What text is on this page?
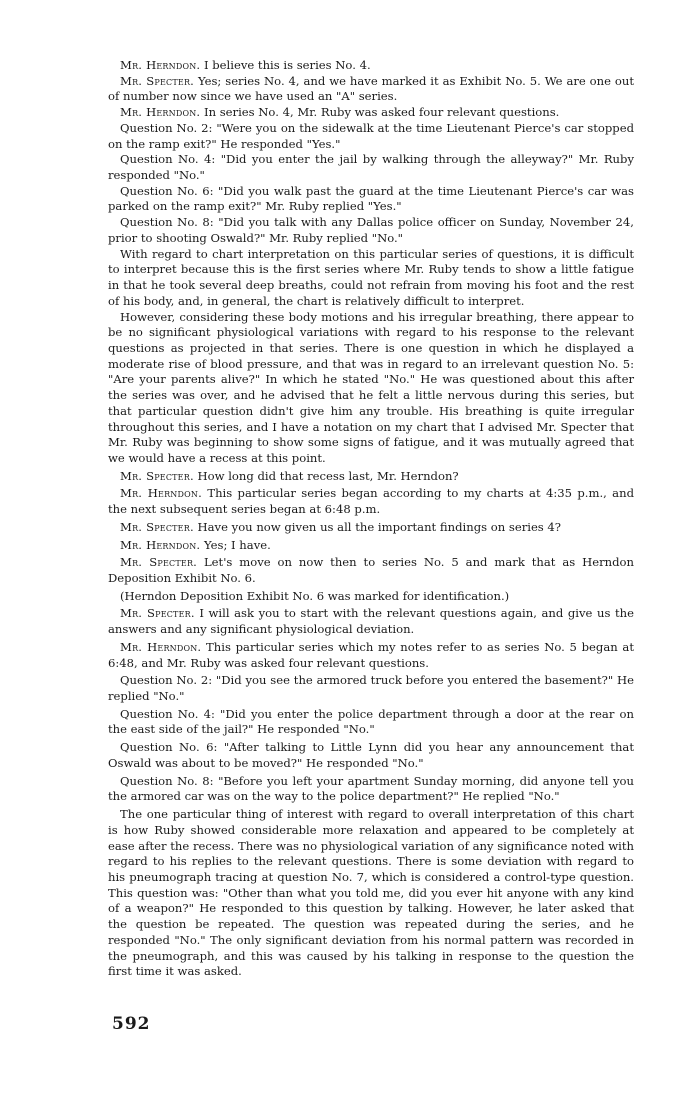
Mr. Herndon. I believe this is series No. 4.

Mr. Specter. Yes; series No. 4, and we have marked it as Exhibit No. 5. We are one out of number now since we have used an "A" series.

Mr. Herndon. In series No. 4, Mr. Ruby was asked four relevant questions.

Question No. 2: "Were you on the sidewalk at the time Lieutenant Pierce's car stopped on the ramp exit?" He responded "Yes."

Question No. 4: "Did you enter the jail by walking through the alleyway?" Mr. Ruby responded "No."

Question No. 6: "Did you walk past the guard at the time Lieutenant Pierce's car was parked on the ramp exit?" Mr. Ruby replied "Yes."

Question No. 8: "Did you talk with any Dallas police officer on Sunday, November 24, prior to shooting Oswald?" Mr. Ruby replied "No."

With regard to chart interpretation on this particular series of questions, it is difficult to interpret because this is the first series where Mr. Ruby tends to show a little fatigue in that he took several deep breaths, could not refrain from moving his foot and the rest of his body, and, in general, the chart is relatively difficult to interpret.

However, considering these body motions and his irregular breathing, there appear to be no significant physiological variations with regard to his response to the relevant questions as projected in that series. There is one question in which he displayed a moderate rise of blood pressure, and that was in regard to an irrelevant question No. 5: "Are your parents alive?" In which he stated "No." He was questioned about this after the series was over, and he advised that he felt a little nervous during this series, but that particular question didn't give him any trouble. His breathing is quite irregular throughout this series, and I have a notation on my chart that I advised Mr. Specter that Mr. Ruby was beginning to show some signs of fatigue, and it was mutually agreed that we would have a recess at this point.

Mr. Specter. How long did that recess last, Mr. Herndon?

Mr. Herndon. This particular series began according to my charts at 4:35 p.m., and the next subsequent series began at 6:48 p.m.

Mr. Specter. Have you now given us all the important findings on series 4?

Mr. Herndon. Yes; I have.

Mr. Specter. Let's move on now then to series No. 5 and mark that as Herndon Deposition Exhibit No. 6.

(Herndon Deposition Exhibit No. 6 was marked for identification.)

Mr. Specter. I will ask you to start with the relevant questions again, and give us the answers and any significant physiological deviation.

Mr. Herndon. This particular series which my notes refer to as series No. 5 began at 6:48, and Mr. Ruby was asked four relevant questions.

Question No. 2: "Did you see the armored truck before you entered the basement?" He replied "No."

Question No. 4: "Did you enter the police department through a door at the rear on the east side of the jail?" He responded "No."

Question No. 6: "After talking to Little Lynn did you hear any announcement that Oswald was about to be moved?" He responded "No."

Question No. 8: "Before you left your apartment Sunday morning, did anyone tell you the armored car was on the way to the police department?" He replied "No."

The one particular thing of interest with regard to overall interpretation of this chart is how Ruby showed considerable more relaxation and appeared to be completely at ease after the recess. There was no physiological variation of any significance noted with regard to his replies to the relevant questions. There is some deviation with regard to his pneumograph tracing at question No. 7, which is considered a control-type question. This question was: "Other than what you told me, did you ever hit anyone with any kind of a weapon?" He responded to this question by talking. However, he later asked that the question be repeated. The question was repeated during the series, and he responded "No." The only significant deviation from his normal pattern was recorded in the pneumograph, and this was caused by his talking in response to the question the first time it was asked.

592
